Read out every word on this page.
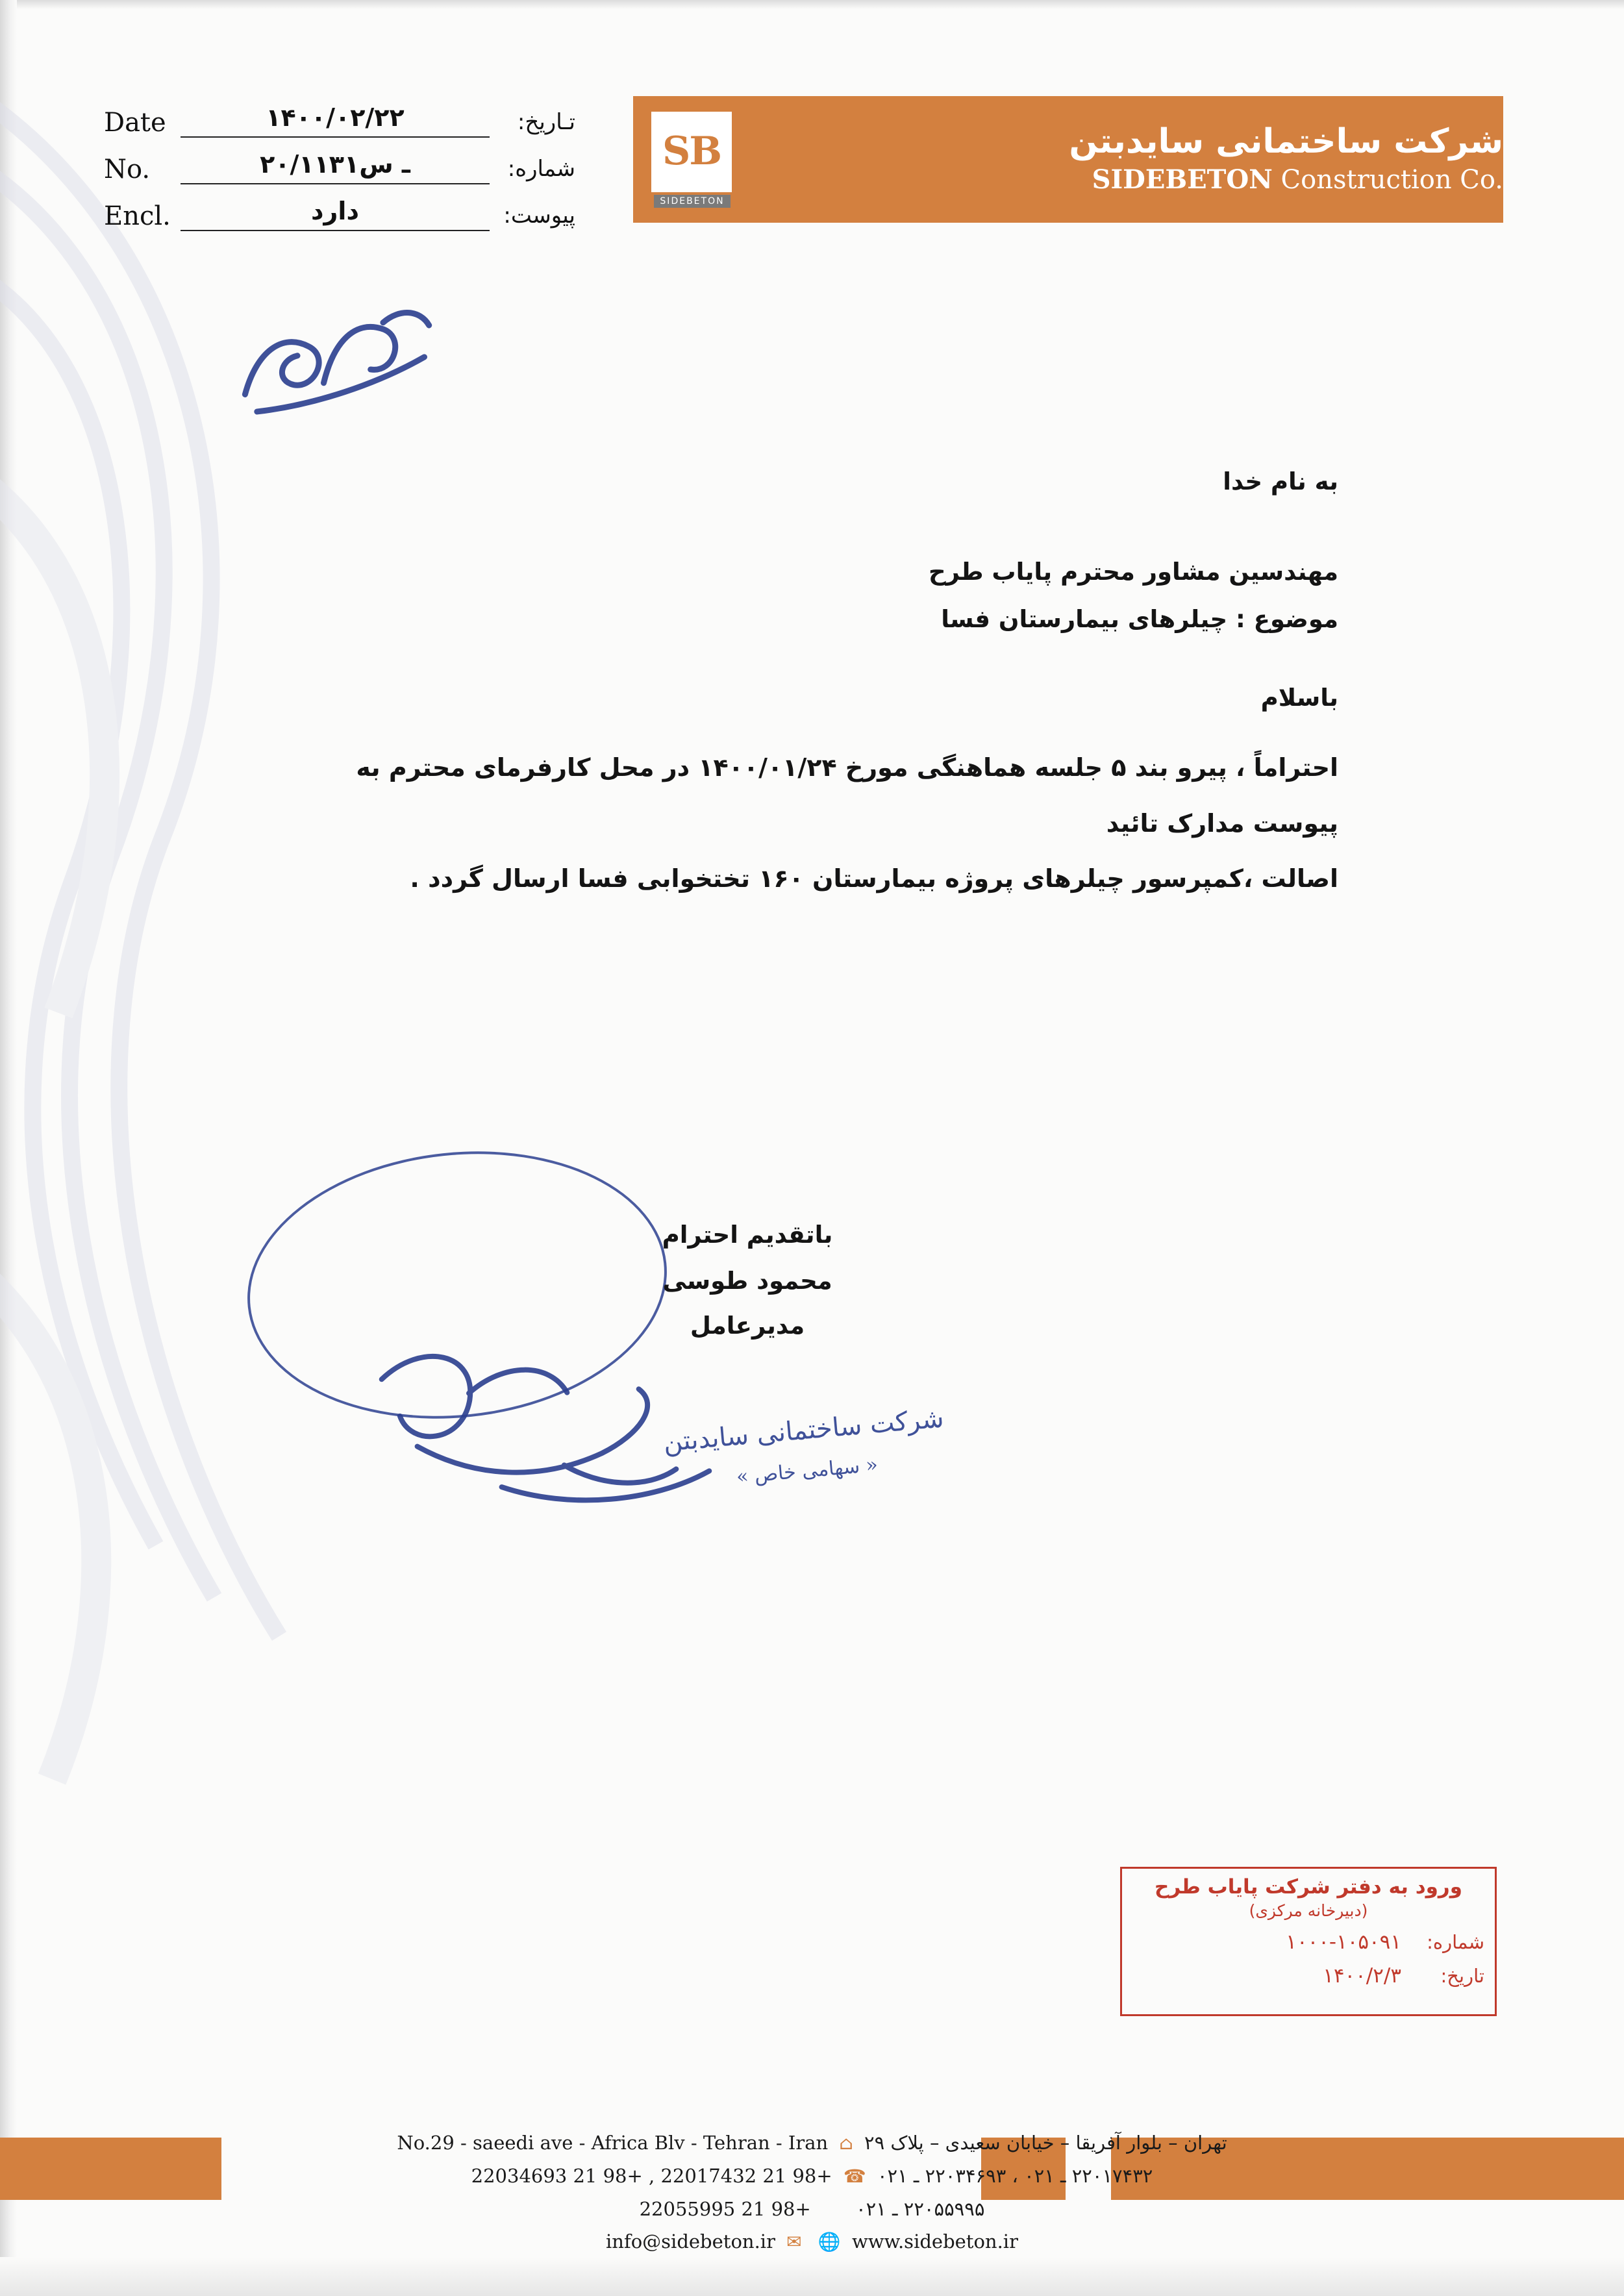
Date	۱۴۰۰/۰۲/۲۲	تـاریخ:
No.	۲۰/۱۱۳۱ـ س	شماره:
Encl.	دارد	پیوست:
شرکت ساختمانی سایدبتن
SIDEBETON Construction Co.
SB
SIDEBETON
به نام خدا
مهندسین مشاور محترم پایاب طرح
موضوع : چیلرهای بیمارستان فسا
باسلام
احتراماً ، پیرو بند ۵ جلسه هماهنگی مورخ ۱۴۰۰/۰۱/۲۴ در محل کارفرمای محترم به پیوست مدارک تائید
اصالت ،کمپرسور چیلرهای پروژه بیمارستان ۱۶۰ تختخوابی فسا ارسال گردد .
باتقدیم احترام
محمود طوسی
مدیرعامل
شرکت ساختمانی سایدبتن
« سهامی خاص »
ورود به دفتر شرکت پایاب طرح
(دبیرخانه مرکزی)
شماره:
۱۰۰۰-۱۰۵۰۹۱
تاریخ:
۱۴۰۰/۲/۳
تهران – بلوار آفریقا – خیابان سعیدی – پلاک ۲۹ ⌂ No.29 - saeedi ave - Africa Blv - Tehran - Iran
۲۲۰۱۷۴۳۲ ـ ۰۲۱ ، ۲۲۰۳۴۶۹۳ ـ ۰۲۱ ☎ +98 21 22017432 , +98 21 22034693
۲۲۰۵۵۹۹۵ ـ ۰۲۱ +98 21 22055995
info@sidebeton.ir ✉ 🌐 www.sidebeton.ir
